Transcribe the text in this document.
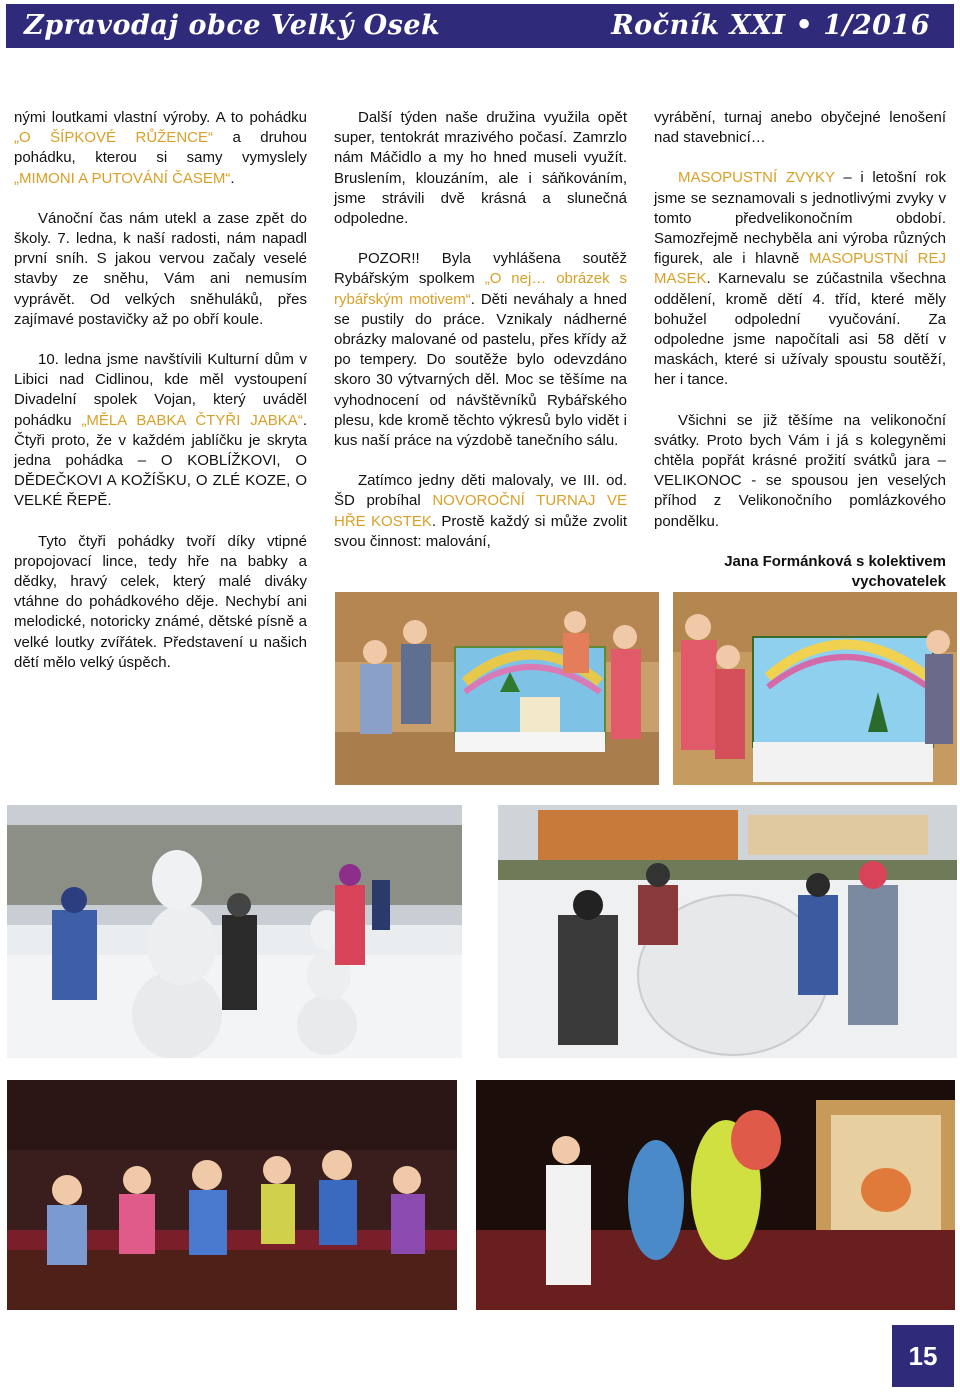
Zpravodaj obce Velký Osek	Ročník XXI • 1/2016

nými loutkami vlastní výroby. A to pohádku „O ŠÍPKOVÉ RŮŽENCE“ a druhou pohádku, kterou si samy vymyslely „MIMONI A PUTOVÁNÍ ČASEM“.

Vánoční čas nám utekl a zase zpět do školy. 7. ledna, k naší radosti, nám napadl první sníh. S jakou vervou začaly veselé stavby ze sněhu, Vám ani nemusím vyprávět. Od velkých sněhuláků, přes zajímavé postavičky až po obří koule.

10. ledna jsme navštívili Kulturní dům v Libici nad Cidlinou, kde měl vystoupení Divadelní spolek Vojan, který uváděl pohádku „MĚLA BABKA ČTYŘI JABKA“. Čtyři proto, že v každém jablíčku je skryta jedna pohádka – O KOBLÍŽKOVI, O DĚDEČKOVI A KOŽÍŠKU, O ZLÉ KOZE, O VELKÉ ŘEPĚ.

Tyto čtyři pohádky tvoří díky vtipné propojovací lince, tedy hře na babky a dědky, hravý celek, který malé diváky vtáhne do pohádkového děje. Nechybí ani melodické, notoricky známé, dětské písně a velké loutky zvířátek. Představení u našich dětí mělo velký úspěch.

Další týden naše družina využila opět super, tentokrát mrazivého počasí. Zamrzlo nám Máčidlo a my ho hned museli využít. Bruslením, klouzáním, ale i sáňkováním, jsme strávili dvě krásná a slunečná odpoledne.

POZOR!! Byla vyhlášena soutěž Rybářským spolkem „O nej… obrázek s rybářským motivem“. Děti neváhaly a hned se pustily do práce. Vznikaly nádherné obrázky malované od pastelu, přes křídy až po tempery. Do soutěže bylo odevzdáno skoro 30 výtvarných děl. Moc se těšíme na vyhodnocení od návštěvníků Rybářského plesu, kde kromě těchto výkresů bylo vidět i kus naší práce na výzdobě tanečního sálu.

Zatímco jedny děti malovaly, ve III. od. ŠD probíhal NOVOROČNÍ TURNAJ VE HŘE KOSTEK. Prostě každý si může zvolit svou činnost: malování,

vyrábění, turnaj anebo obyčejné lenošení nad stavebnicí…

MASOPUSTNÍ ZVYKY – i letošní rok jsme se seznamovali s jednotlivými zvyky v tomto předvelikonočním období. Samozřejmě nechyběla ani výroba různých figurek, ale i hlavně MASOPUSTNÍ REJ MASEK. Karnevalu se zúčastnila všechna oddělení, kromě dětí 4. tříd, které měly bohužel odpolední vyučování. Za odpoledne jsme napočítali asi 58 dětí v maskách, které si užívaly spoustu soutěží, her i tance.

Všichni se již těšíme na velikonoční svátky. Proto bych Vám i já s kolegyněmi chtěla popřát krásné prožití svátků jara – VELIKONOC - se spousou jen veselých příhod z Velikonočního pomlázkového pondělku.

Jana Formánková s kolektivem
vychovatelek
15
